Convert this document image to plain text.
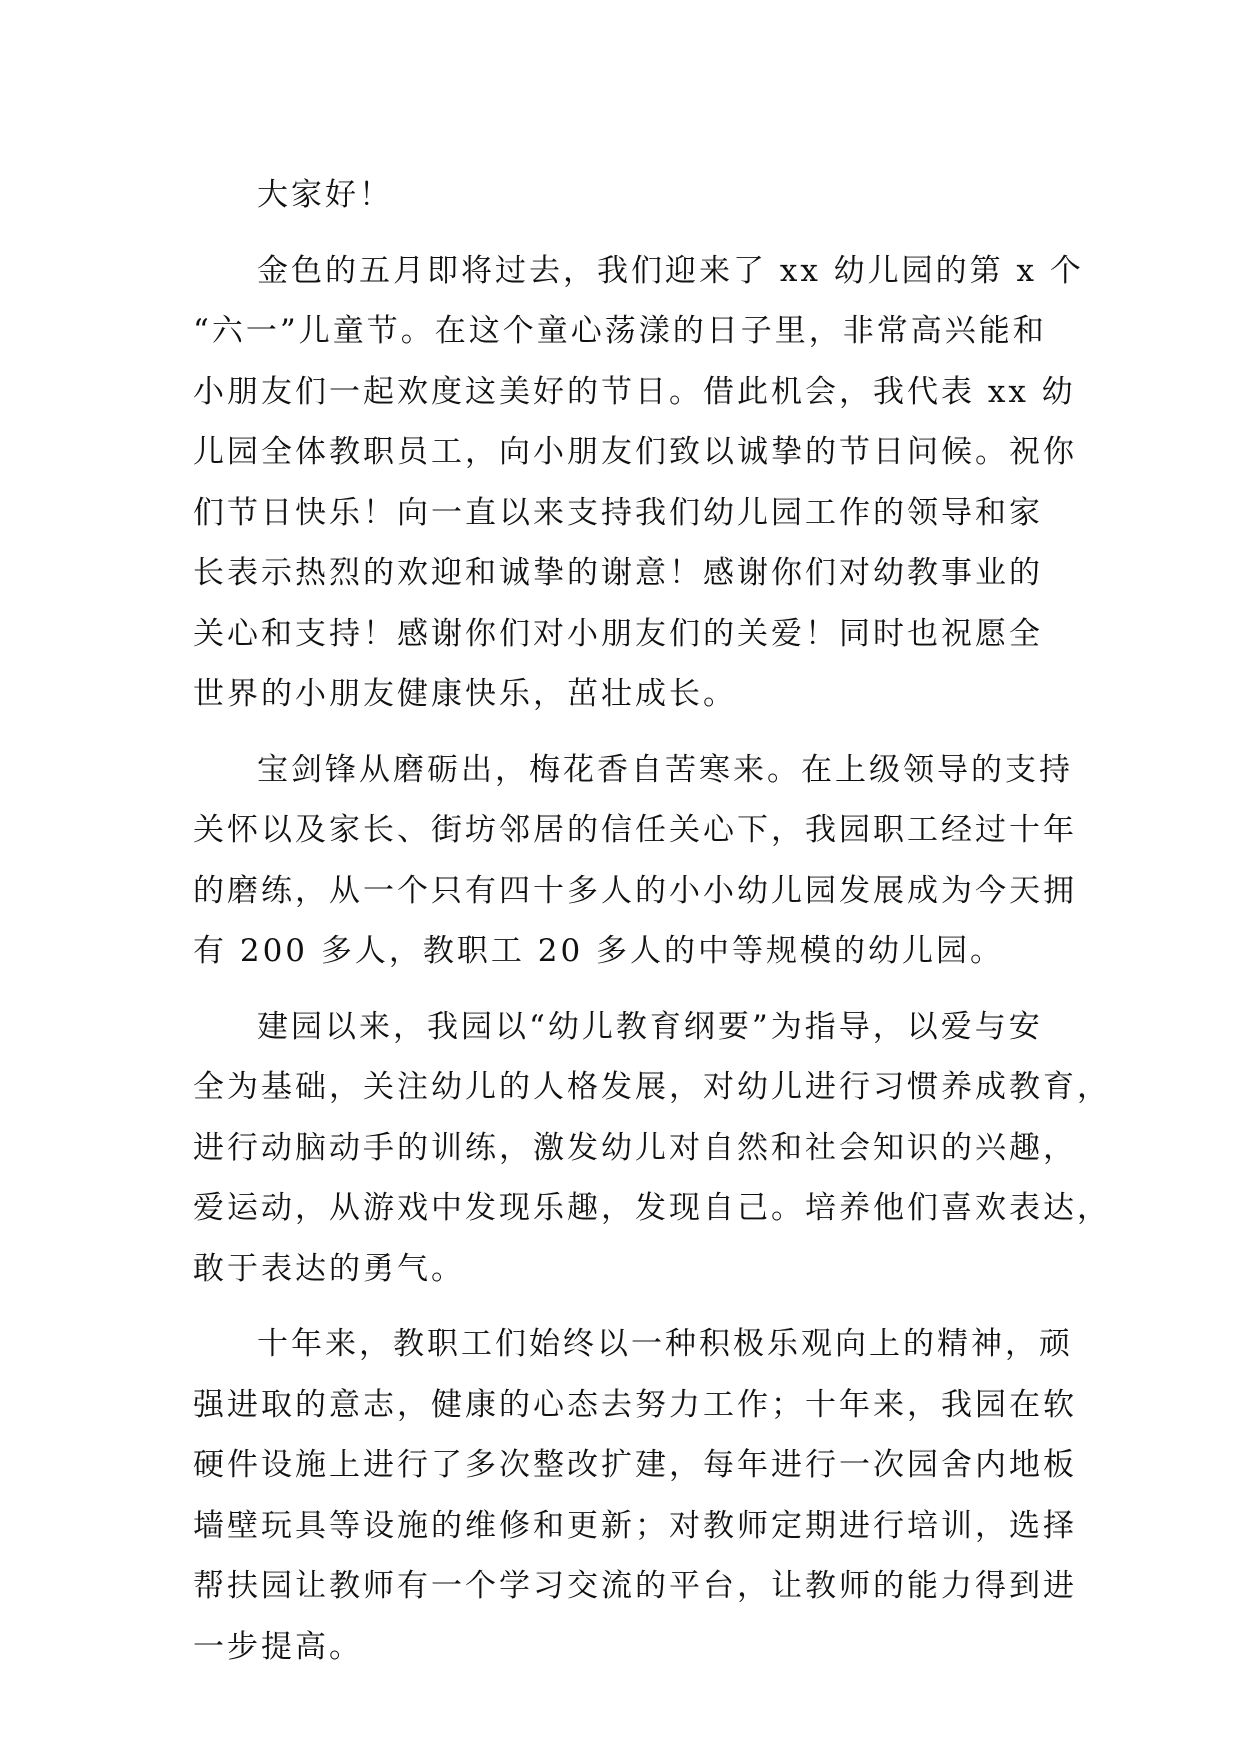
大家好！
金色的五月即将过去，我们迎来了 xx 幼儿园的第 x 个
“六一”儿童节。在这个童心荡漾的日子里，非常高兴能和
小朋友们一起欢度这美好的节日。借此机会，我代表 xx 幼
儿园全体教职员工，向小朋友们致以诚挚的节日问候。祝你
们节日快乐！向一直以来支持我们幼儿园工作的领导和家
长表示热烈的欢迎和诚挚的谢意！感谢你们对幼教事业的
关心和支持！感谢你们对小朋友们的关爱！同时也祝愿全
世界的小朋友健康快乐，茁壮成长。
宝剑锋从磨砺出，梅花香自苦寒来。在上级领导的支持
关怀以及家长、街坊邻居的信任关心下，我园职工经过十年
的磨练，从一个只有四十多人的小小幼儿园发展成为今天拥
有 200 多人，教职工 20 多人的中等规模的幼儿园。
建园以来，我园以“幼儿教育纲要”为指导，以爱与安
全为基础，关注幼儿的人格发展，对幼儿进行习惯养成教育，
进行动脑动手的训练，激发幼儿对自然和社会知识的兴趣，
爱运动，从游戏中发现乐趣，发现自己。培养他们喜欢表达，
敢于表达的勇气。
十年来，教职工们始终以一种积极乐观向上的精神，顽
强进取的意志，健康的心态去努力工作；十年来，我园在软
硬件设施上进行了多次整改扩建，每年进行一次园舍内地板
墙壁玩具等设施的维修和更新；对教师定期进行培训，选择
帮扶园让教师有一个学习交流的平台，让教师的能力得到进
一步提高。
